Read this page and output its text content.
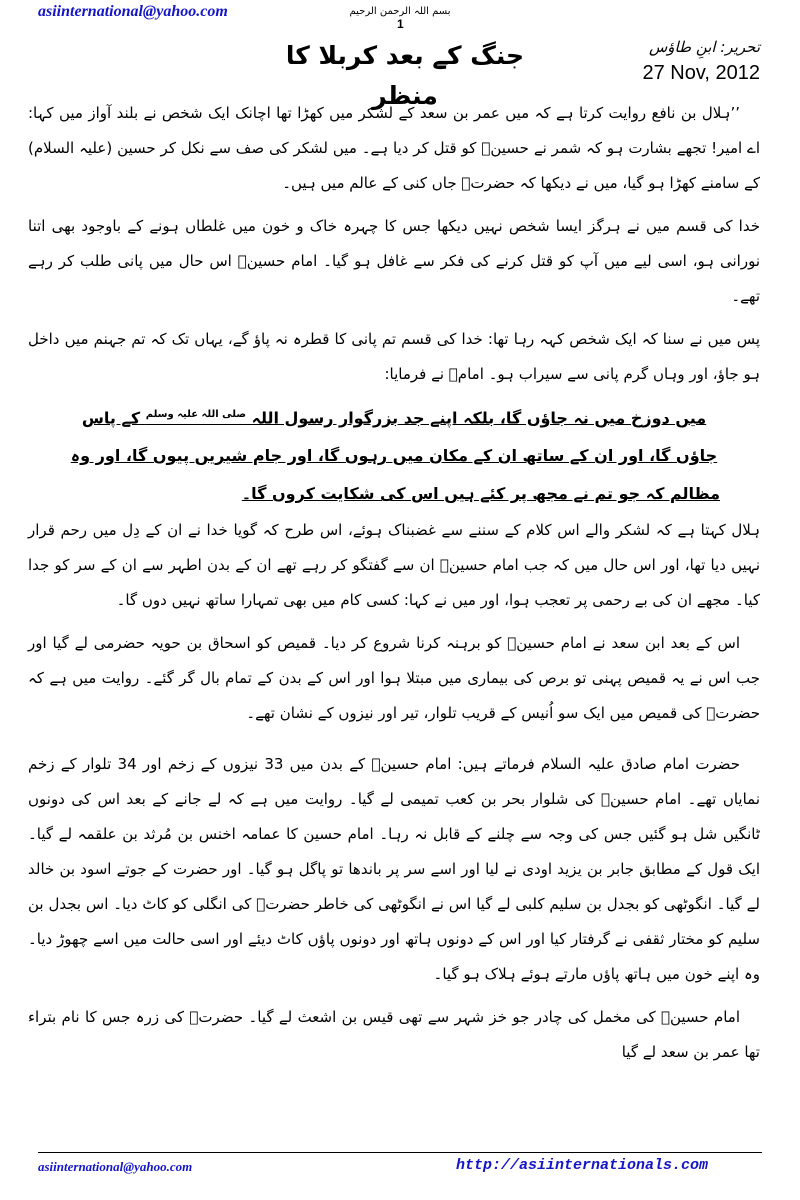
asiinternational@yahoo.com	بسم اللہ الرحمن الرحیم
1
جنگ کے بعد کربلا کا منظر
تحریر: ابنِ طاؤس
27 Nov, 2012

’’ہلال بن نافع روایت کرتا ہے کہ میں عمر بن سعد کے لشکر میں کھڑا تھا اچانک ایک شخص نے بلند آواز میں کہا: اے امیر! تجھے بشارت ہو کہ شمر نے حسینؑ کو قتل کر دیا ہے۔ میں لشکر کی صف سے نکل کر حسین (علیہ السلام) کے سامنے کھڑا ہو گیا، میں نے دیکھا کہ حضرتؑ جاں کنی کے عالم میں ہیں۔

خدا کی قسم میں نے ہرگز ایسا شخص نہیں دیکھا جس کا چہرہ خاک و خون میں غلطاں ہونے کے باوجود بھی اتنا نورانی ہو، اسی لیے میں آپ کو قتل کرنے کی فکر سے غافل ہو گیا۔ امام حسینؑ اس حال میں پانی طلب کر رہے تھے۔

پس میں نے سنا کہ ایک شخص کہہ رہا تھا: خدا کی قسم تم پانی کا قطرہ نہ پاؤ گے، یہاں تک کہ تم جہنم میں داخل ہو جاؤ، اور وہاں گرم پانی سے سیراب ہو۔ امامؑ نے فرمایا:

میں دوزخ میں نہ جاؤں گا، بلکہ اپنے جد بزرگوار رسول اللہ $^{صلی اللہ علیہ وسلم}$ کے پاس جاؤں گا، اور ان کے ساتھ ان کے مکان میں رہوں گا، اور جام شیریں پیوں گا، اور وہ مظالم کہ جو تم نے مجھ پر کئے ہیں اس کی شکایت کروں گا۔

ہلال کہتا ہے کہ لشکر والے اس کلام کے سننے سے غضبناک ہوئے، اس طرح کہ گویا خدا نے ان کے دِل میں رحم قرار نہیں دیا تھا، اور اس حال میں کہ جب امام حسینؑ ان سے گفتگو کر رہے تھے ان کے بدن اطہر سے ان کے سر کو جدا کیا۔ مجھے ان کی بے رحمی پر تعجب ہوا، اور میں نے کہا: کسی کام میں بھی تمہارا ساتھ نہیں دوں گا۔

اس کے بعد ابن سعد نے امام حسینؑ کو برہنہ کرنا شروع کر دیا۔ قمیص کو اسحاق بن حویہ حضرمی لے گیا اور جب اس نے یہ قمیص پہنی تو برص کی بیماری میں مبتلا ہوا اور اس کے بدن کے تمام بال گر گئے۔ روایت میں ہے کہ حضرتؑ کی قمیص میں ایک سو اُنیس کے قریب تلوار، تیر اور نیزوں کے نشان تھے۔

حضرت امام صادق علیہ السلام فرماتے ہیں: امام حسینؑ کے بدن میں 33 نیزوں کے زخم اور 34 تلوار کے زخم نمایاں تھے۔ امام حسینؑ کی شلوار بحر بن کعب تمیمی لے گیا۔ روایت میں ہے کہ لے جانے کے بعد اس کی دونوں ٹانگیں شل ہو گئیں جس کی وجہ سے چلنے کے قابل نہ رہا۔ امام حسین کا عمامہ اخنس بن مُرثد بن علقمہ لے گیا۔ ایک قول کے مطابق جابر بن یزید اودی نے لیا اور اسے سر پر باندھا تو پاگل ہو گیا۔ اور حضرت کے جوتے اسود بن خالد لے گیا۔ انگوٹھی کو بجدل بن سلیم کلبی لے گیا اس نے انگوٹھی کی خاطر حضرتؑ کی انگلی کو کاٹ دیا۔ اس بجدل بن سلیم کو مختار ثقفی نے گرفتار کیا اور اس کے دونوں ہاتھ اور دونوں پاؤں کاٹ دیئے اور اسی حالت میں اسے چھوڑ دیا۔ وہ اپنے خون میں ہاتھ پاؤں مارتے ہوئے ہلاک ہو گیا۔

امام حسینؑ کی مخمل کی چادر جو خز شہر سے تھی قیس بن اشعث لے گیا۔ حضرتؑ کی زرہ جس کا نام بتراء تھا عمر بن سعد لے گیا

asiinternational@yahoo.com	http://asiinternationals.com
